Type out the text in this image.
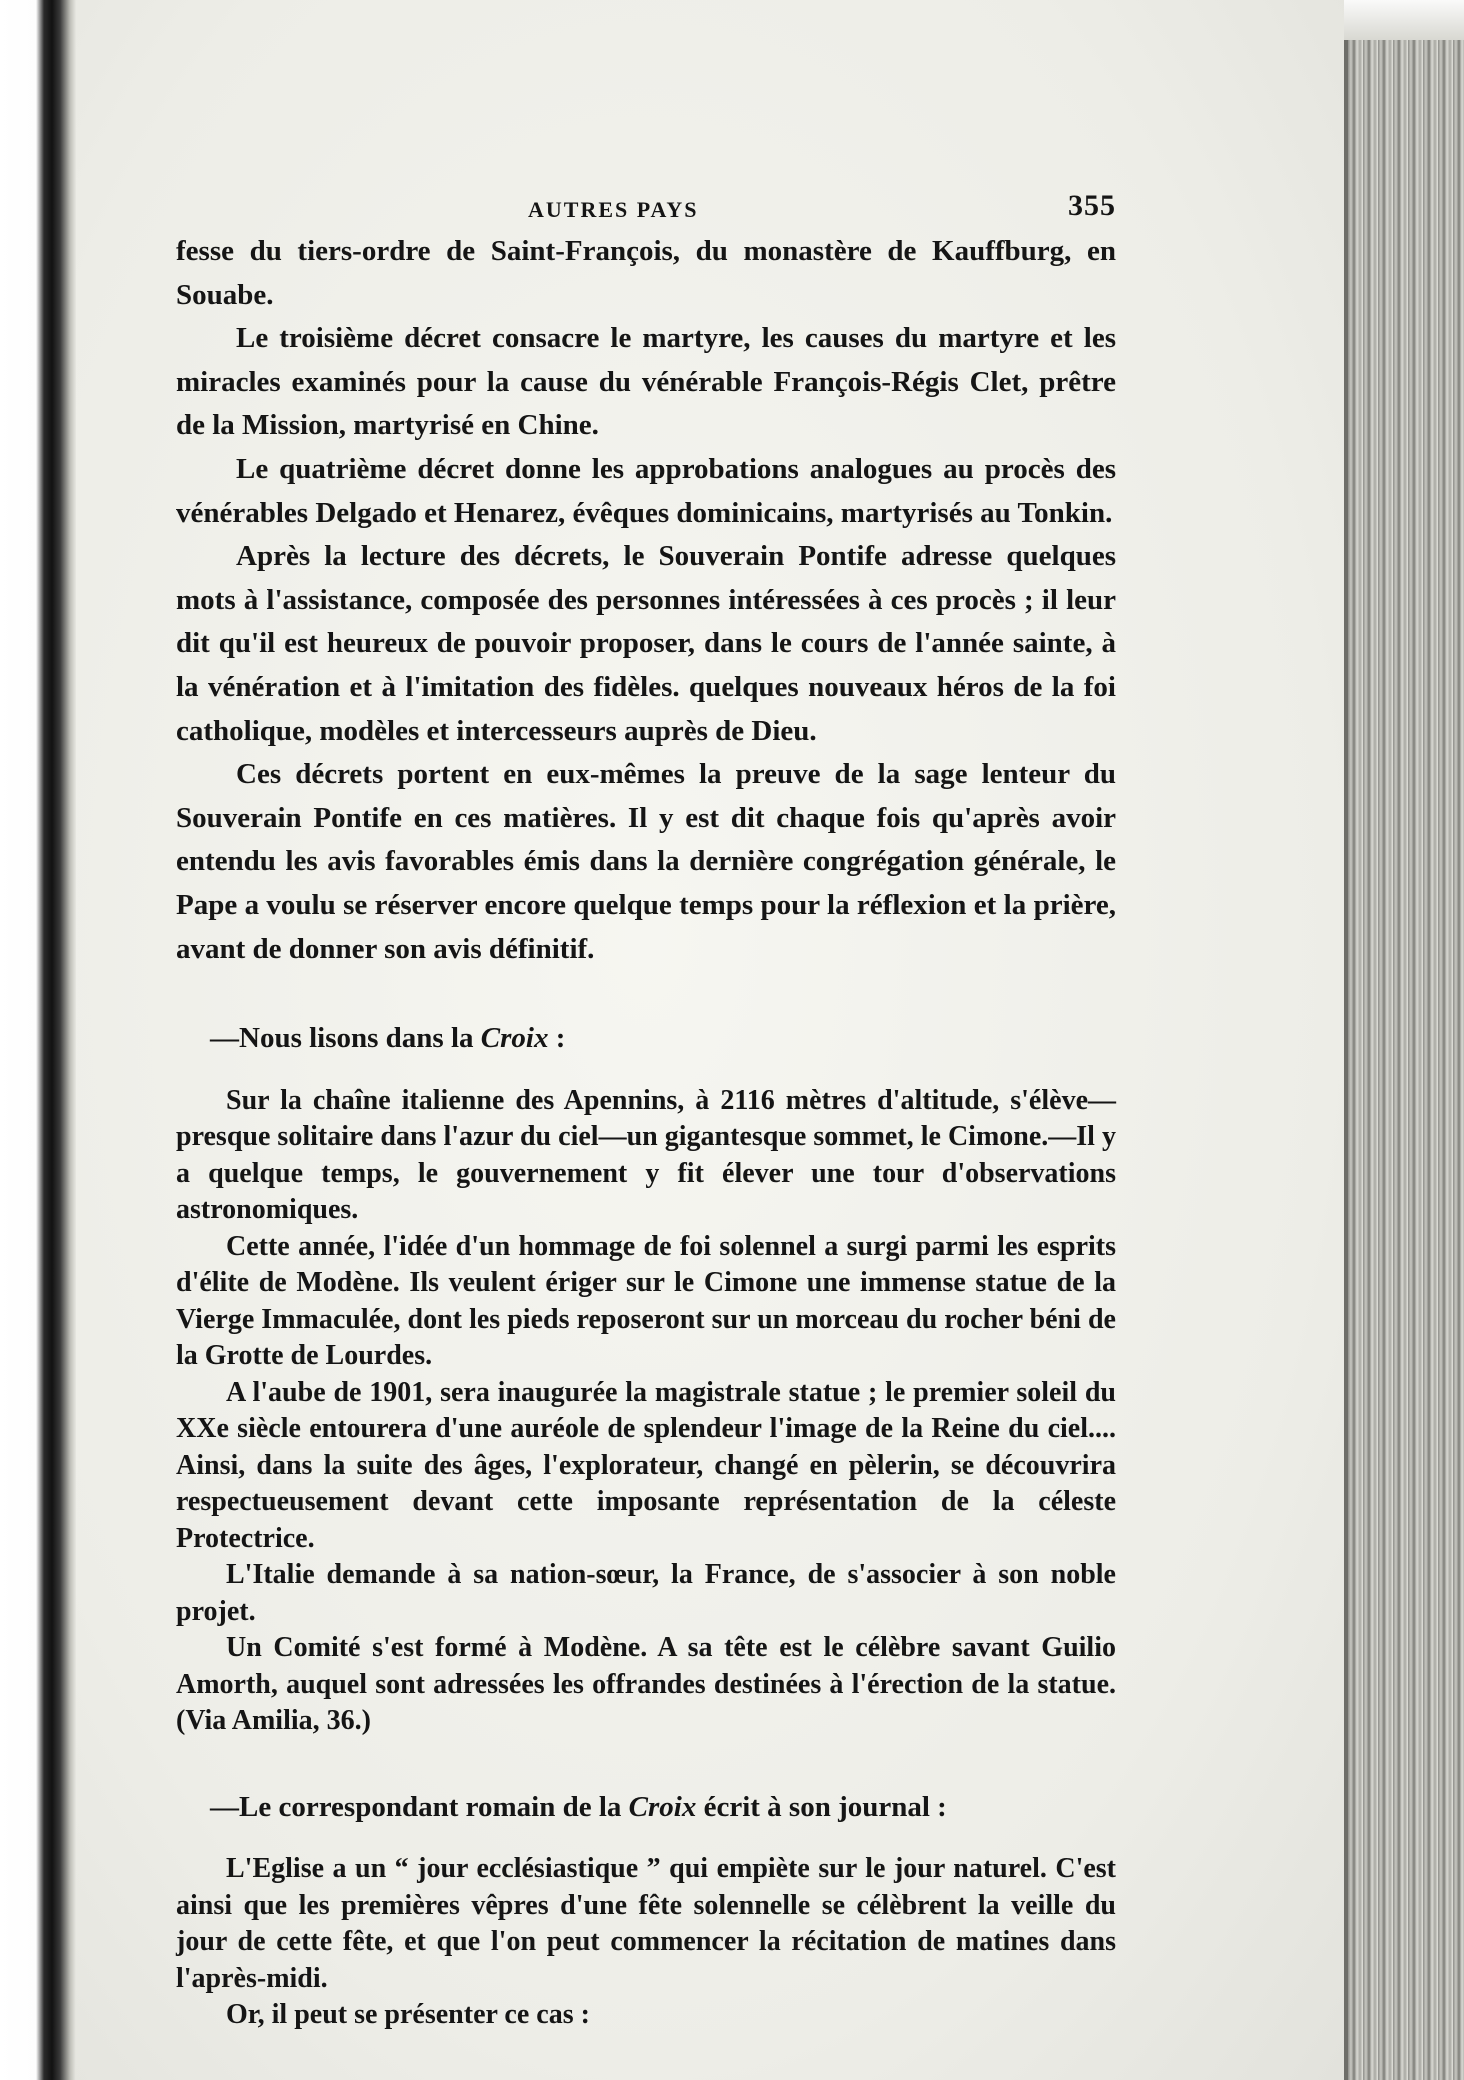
AUTRES PAYS	355

fesse du tiers-ordre de Saint-François, du monastère de Kauffburg, en Souabe.

Le troisième décret consacre le martyre, les causes du martyre et les miracles examinés pour la cause du vénérable François-Régis Clet, prêtre de la Mission, martyrisé en Chine.

Le quatrième décret donne les approbations analogues au procès des vénérables Delgado et Henarez, évêques dominicains, martyrisés au Tonkin.

Après la lecture des décrets, le Souverain Pontife adresse quelques mots à l'assistance, composée des personnes intéressées à ces procès ; il leur dit qu'il est heureux de pouvoir proposer, dans le cours de l'année sainte, à la vénération et à l'imitation des fidèles. quelques nouveaux héros de la foi catholique, modèles et intercesseurs auprès de Dieu.

Ces décrets portent en eux-mêmes la preuve de la sage lenteur du Souverain Pontife en ces matières. Il y est dit chaque fois qu'après avoir entendu les avis favorables émis dans la dernière congrégation générale, le Pape a voulu se réserver encore quelque temps pour la réflexion et la prière, avant de donner son avis définitif.

—Nous lisons dans la Croix :

Sur la chaîne italienne des Apennins, à 2116 mètres d'altitude, s'élève—presque solitaire dans l'azur du ciel—un gigantesque sommet, le Cimone.—Il y a quelque temps, le gouvernement y fit élever une tour d'observations astronomiques.

Cette année, l'idée d'un hommage de foi solennel a surgi parmi les esprits d'élite de Modène. Ils veulent ériger sur le Cimone une immense statue de la Vierge Immaculée, dont les pieds reposeront sur un morceau du rocher béni de la Grotte de Lourdes.

A l'aube de 1901, sera inaugurée la magistrale statue ; le premier soleil du XXe siècle entourera d'une auréole de splendeur l'image de la Reine du ciel.... Ainsi, dans la suite des âges, l'explorateur, changé en pèlerin, se découvrira respectueusement devant cette imposante représentation de la céleste Protectrice.

L'Italie demande à sa nation-sœur, la France, de s'associer à son noble projet.

Un Comité s'est formé à Modène. A sa tête est le célèbre savant Guilio Amorth, auquel sont adressées les offrandes destinées à l'érection de la statue. (Via Amilia, 36.)

—Le correspondant romain de la Croix écrit à son journal :

L'Eglise a un “ jour ecclésiastique ” qui empiète sur le jour naturel. C'est ainsi que les premières vêpres d'une fête solennelle se célèbrent la veille du jour de cette fête, et que l'on peut commencer la récitation de matines dans l'après-midi.

Or, il peut se présenter ce cas :
